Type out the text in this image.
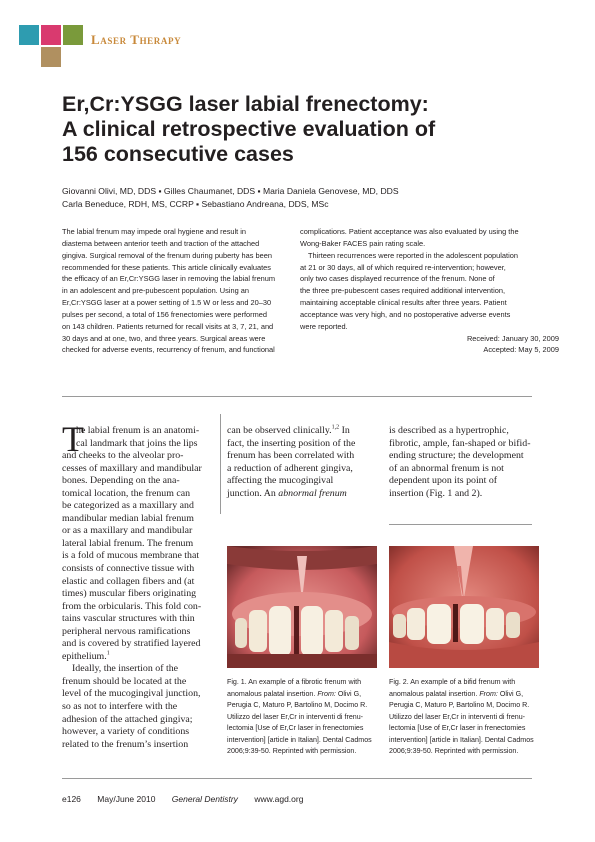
Laser Therapy
Er,Cr:YSGG laser labial frenectomy:
A clinical retrospective evaluation of
156 consecutive cases
Giovanni Olivi, MD, DDS ▪ Gilles Chaumanet, DDS ▪ Maria Daniela Genovese, MD, DDS
Carla Beneduce, RDH, MS, CCRP ▪ Sebastiano Andreana, DDS, MSc
The labial frenum may impede oral hygiene and result in
diastema between anterior teeth and traction of the attached
gingiva. Surgical removal of the frenum during puberty has been
recommended for these patients. This article clinically evaluates
the efficacy of an Er,Cr:YSGG laser in removing the labial frenum
in an adolescent and pre-pubescent population. Using an
Er,Cr:YSGG laser at a power setting of 1.5 W or less and 20–30
pulses per second, a total of 156 frenectomies were performed
on 143 children. Patients returned for recall visits at 3, 7, 21, and
30 days and at one, two, and three years. Surgical areas were
checked for adverse events, recurrency of frenum, and functional
complications. Patient acceptance was also evaluated by using the
Wong-Baker FACES pain rating scale.
Thirteen recurrences were reported in the adolescent population
at 21 or 30 days, all of which required re-intervention; however,
only two cases displayed recurrence of the frenum. None of
the three pre-pubescent cases required additional intervention,
maintaining acceptable clinical results after three years. Patient
acceptance was very high, and no postoperative adverse events
were reported.
Received: January 30, 2009
Accepted: May 5, 2009
T
he labial frenum is an anatomi-
cal landmark that joins the lips
and cheeks to the alveolar pro-
cesses of maxillary and mandibular
bones. Depending on the ana-
tomical location, the frenum can
be categorized as a maxillary and
mandibular median labial frenum
or as a maxillary and mandibular
lateral labial frenum. The frenum
is a fold of mucous membrane that
consists of connective tissue with
elastic and collagen fibers and (at
times) muscular fibers originating
from the orbicularis. This fold con-
tains vascular structures with thin
peripheral nervous ramifications
and is covered by stratified layered
epithelium.$^1$
Ideally, the insertion of the
frenum should be located at the
level of the mucogingival junction,
so as not to interfere with the
adhesion of the attached gingiva;
however, a variety of conditions
related to the frenum’s insertion
can be observed clinically.$^{1,2}$ In
fact, the inserting position of the
frenum has been correlated with
a reduction of adherent gingiva,
affecting the mucogingival
junction. An abnormal frenum
is described as a hypertrophic,
fibrotic, ample, fan-shaped or bifid-
ending structure; the development
of an abnormal frenum is not
dependent upon its point of
insertion (Fig. 1 and 2).
Fig. 1. An example of a fibrotic frenum with
anomalous palatal insertion. From: Olivi G,
Perugia C, Maturo P, Bartolino M, Docimo R.
Utilizzo del laser Er,Cr in interventi di frenu-
lectomia [Use of Er,Cr laser in frenectomies
intervention] [article in Italian]. Dental Cadmos
2006;9:39-50. Reprinted with permission.
Fig. 2. An example of a bifid frenum with
anomalous palatal insertion. From: Olivi G,
Perugia C, Maturo P, Bartolino M, Docimo R.
Utilizzo del laser Er,Cr in interventi di frenu-
lectomia [Use of Er,Cr laser in frenectomies
intervention] [article in Italian]. Dental Cadmos
2006;9:39-50. Reprinted with permission.
e126 May/June 2010 General Dentistry www.agd.org
